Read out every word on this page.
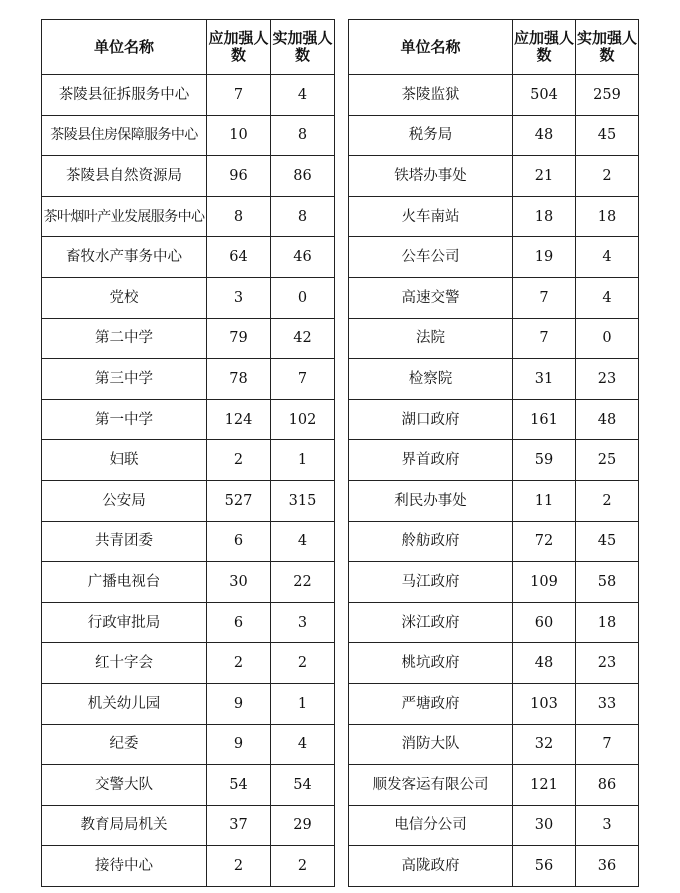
单位名称	应加强人数	实加强人数
茶陵县征拆服务中心	7	4
茶陵县住房保障服务中心	10	8
茶陵县自然资源局	96	86
茶叶烟叶产业发展服务中心	8	8
畜牧水产事务中心	64	46
党校	3	0
第二中学	79	42
第三中学	78	7
第一中学	124	102
妇联	2	1
公安局	527	315
共青团委	6	4
广播电视台	30	22
行政审批局	6	3
红十字会	2	2
机关幼儿园	9	1
纪委	9	4
交警大队	54	54
教育局局机关	37	29
接待中心	2	2
单位名称	应加强人数	实加强人数
茶陵监狱	504	259
税务局	48	45
铁塔办事处	21	2
火车南站	18	18
公车公司	19	4
高速交警	7	4
法院	7	0
检察院	31	23
湖口政府	161	48
界首政府	59	25
利民办事处	11	2
舲舫政府	72	45
马江政府	109	58
洣江政府	60	18
桃坑政府	48	23
严塘政府	103	33
消防大队	32	7
顺发客运有限公司	121	86
电信分公司	30	3
高陇政府	56	36
